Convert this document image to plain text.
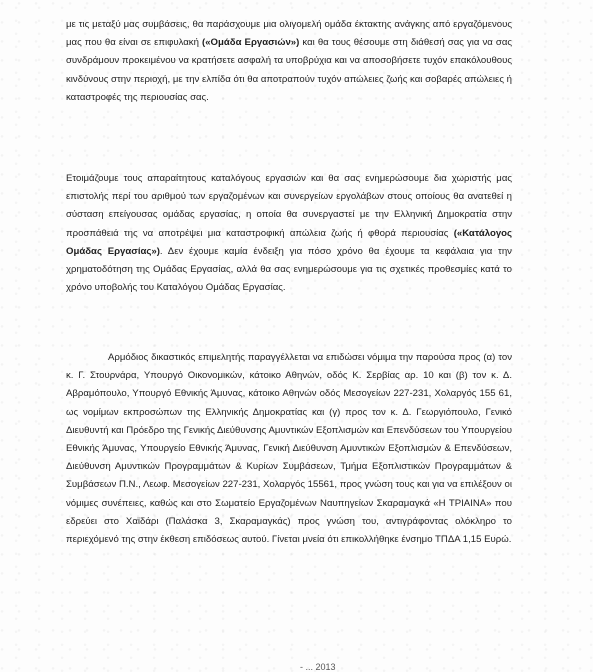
με τις μεταξύ μας συμβάσεις, θα παράσχουμε μια ολιγομελή ομάδα έκτακτης ανάγκης από εργαζόμενους μας που θα είναι σε επιφυλακή («Ομάδα Εργασιών») και θα τους θέσουμε στη διάθεσή σας για να σας συνδράμουν προκειμένου να κρατήσετε ασφαλή τα υποβρύχια και να αποσοβήσετε τυχόν επακόλουθους κινδύνους στην περιοχή, με την ελπίδα ότι θα αποτραπούν τυχόν απώλειες ζωής και σοβαρές απώλειες ή καταστροφές της περιουσίας σας.

Ετοιμάζουμε τους απαραίτητους καταλόγους εργασιών και θα σας ενημερώσουμε δια χωριστής μας επιστολής περί του αριθμού των εργαζομένων και συνεργείων εργολάβων στους οποίους θα ανατεθεί η σύσταση επείγουσας ομάδας εργασίας, η οποία θα συνεργαστεί με την Ελληνική Δημοκρατία στην προσπάθειά της να αποτρέψει μια καταστροφική απώλεια ζωής ή φθορά περιουσίας («Κατάλογος Ομάδας Εργασίας»). Δεν έχουμε καμία ένδειξη για πόσο χρόνο θα έχουμε τα κεφάλαια για την χρηματοδότηση της Ομάδας Εργασίας, αλλά θα σας ενημερώσουμε για τις σχετικές προθεσμίες κατά το χρόνο υποβολής του Καταλόγου Ομάδας Εργασίας.

Αρμόδιος δικαστικός επιμελητής παραγγέλλεται να επιδώσει νόμιμα την παρούσα προς (α) τον κ. Γ. Στουρνάρα, Υπουργό Οικονομικών, κάτοικο Αθηνών, οδός Κ. Σερβίας αρ. 10 και (β) τον κ. Δ. Αβραμόπουλο, Υπουργό Εθνικής Άμυνας, κάτοικο Αθηνών οδός Μεσογείων 227-231, Χολαργός 155 61, ως νομίμων εκπροσώπων της Ελληνικής Δημοκρατίας και (γ) προς τον κ. Δ. Γεωργιόπουλο, Γενικό Διευθυντή και Πρόεδρο της Γενικής Διεύθυνσης Αμυντικών Εξοπλισμών και Επενδύσεων του Υπουργείου Εθνικής Άμυνας, Υπουργείο Εθνικής Άμυνας, Γενική Διεύθυνση Αμυντικών Εξοπλισμών & Επενδύσεων, Διεύθυνση Αμυντικών Προγραμμάτων & Κυρίων Συμβάσεων, Τμήμα Εξοπλιστικών Προγραμμάτων & Συμβάσεων Π.Ν., Λεωφ. Μεσογείων 227-231, Χολαργός 15561, προς γνώση τους και για να επιλέξουν οι νόμιμες συνέπειες, καθώς και στο Σωματείο Εργαζομένων Ναυπηγείων Σκαραμαγκά «Η ΤΡΙΑΙΝΑ» που εδρεύει στο Χαϊδάρι (Παλάσκα 3, Σκαραμαγκάς) προς γνώση του, αντιγράφοντας ολόκληρο το περιεχόμενό της στην έκθεση επιδόσεως αυτού. Γίνεται μνεία ότι επικολλήθηκε ένσημο ΤΠΔΑ 1,15 Ευρώ.

- ... 2013
